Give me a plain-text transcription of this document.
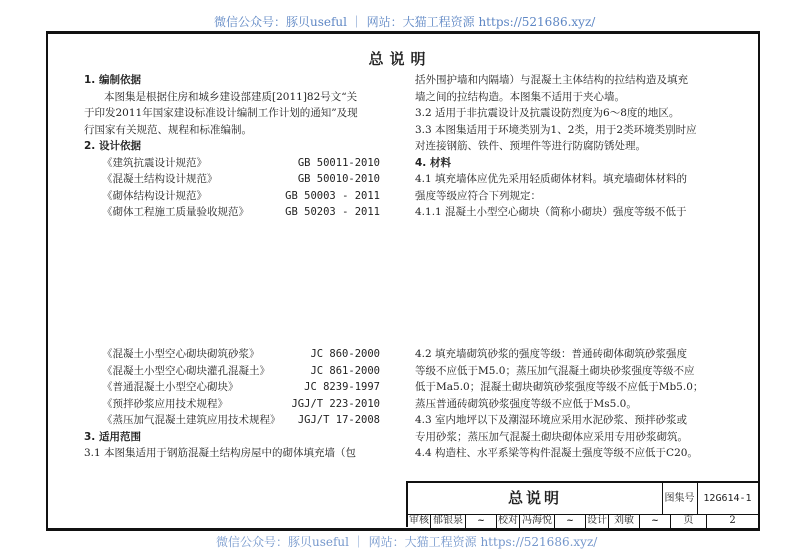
微信公众号：豚贝useful ｜ 网站：大猫工程资源 https://521686.xyz/
总说明
1. 编制依据
本图集是根据住房和城乡建设部建质[2011]82号文“关
于印发2011年国家建设标准设计编制工作计划的通知”及现
行国家有关规范、规程和标准编制。
2. 设计依据
《建筑抗震设计规范》	GB 50011-2010
《混凝土结构设计规范》	GB 50010-2010
《砌体结构设计规范》	GB 50003 - 2011
《砌体工程施工质量验收规范》	GB 50203 - 2011
《混凝土小型空心砌块砌筑砂浆》	JC 860-2000
《混凝土小型空心砌块灌孔混凝土》	JC 861-2000
《普通混凝土小型空心砌块》	JC 8239-1997
《预拌砂浆应用技术规程》	JGJ/T 223-2010
《蒸压加气混凝土建筑应用技术规程》 JGJ/T 17-2008
3. 适用范围
3.1 本图集适用于钢筋混凝土结构房屋中的砌体填充墙（包
括外围护墙和内隔墙）与混凝土主体结构的拉结构造及填充
墙之间的拉结构造。本图集不适用于夹心墙。
3.2 适用于非抗震设计及抗震设防烈度为6～8度的地区。
3.3 本图集适用于环境类别为1、2类，用于2类环境类别时应
对连接钢筋、铁件、预埋件等进行防腐防锈处理。
4. 材料
4.1 填充墙体应优先采用轻质砌体材料。填充墙砌体材料的
强度等级应符合下列规定：
4.1.1 混凝土小型空心砌块（简称小砌块）强度等级不低于
4.2 填充墙砌筑砂浆的强度等级：普通砖砌体砌筑砂浆强度
等级不应低于M5.0；蒸压加气混凝土砌块砂浆强度等级不应
低于Ma5.0；混凝土砌块砌筑砂浆强度等级不应低于Mb5.0；
蒸压普通砖砌筑砂浆强度等级不应低于Ms5.0。
4.3 室内地坪以下及潮湿环境应采用水泥砂浆、预拌砂浆或
专用砂浆；蒸压加气混凝土砌块砌体应采用专用砂浆砌筑。
4.4 构造柱、水平系梁等构件混凝土强度等级不应低于C20。
总说明	图集号 12G614-1
审核 郁银泉	~	校对 冯海悦	~	设计 刘敏	~	页	2
微信公众号：豚贝useful ｜ 网站：大猫工程资源 https://521686.xyz/
